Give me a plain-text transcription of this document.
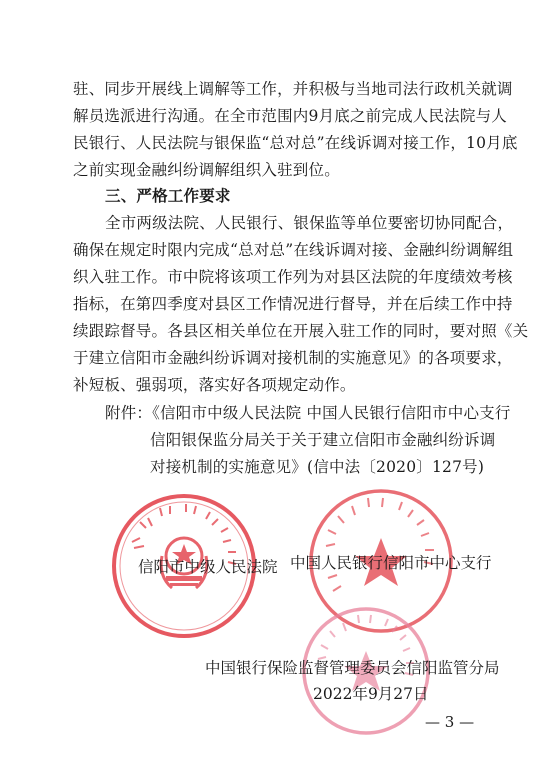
驻、同步开展线上调解等工作，并积极与当地司法行政机关就调
解员选派进行沟通。在全市范围内9月底之前完成人民法院与人
民银行、人民法院与银保监“总对总”在线诉调对接工作，10月底
之前实现金融纠纷调解组织入驻到位。
三、严格工作要求
全市两级法院、人民银行、银保监等单位要密切协同配合，
确保在规定时限内完成“总对总”在线诉调对接、金融纠纷调解组
织入驻工作。市中院将该项工作列为对县区法院的年度绩效考核
指标，在第四季度对县区工作情况进行督导，并在后续工作中持
续跟踪督导。各县区相关单位在开展入驻工作的同时，要对照《关
于建立信阳市金融纠纷诉调对接机制的实施意见》的各项要求，
补短板、强弱项，落实好各项规定动作。
附件：《信阳市中级人民法院 中国人民银行信阳市中心支行
信阳银保监分局关于关于建立信阳市金融纠纷诉调
对接机制的实施意见》(信中法〔2020〕127号)
信阳市中级人民法院 中国人民银行信阳市中心支行
中国银行保险监督管理委员会信阳监管分局
2022年9月27日
— 3 —
